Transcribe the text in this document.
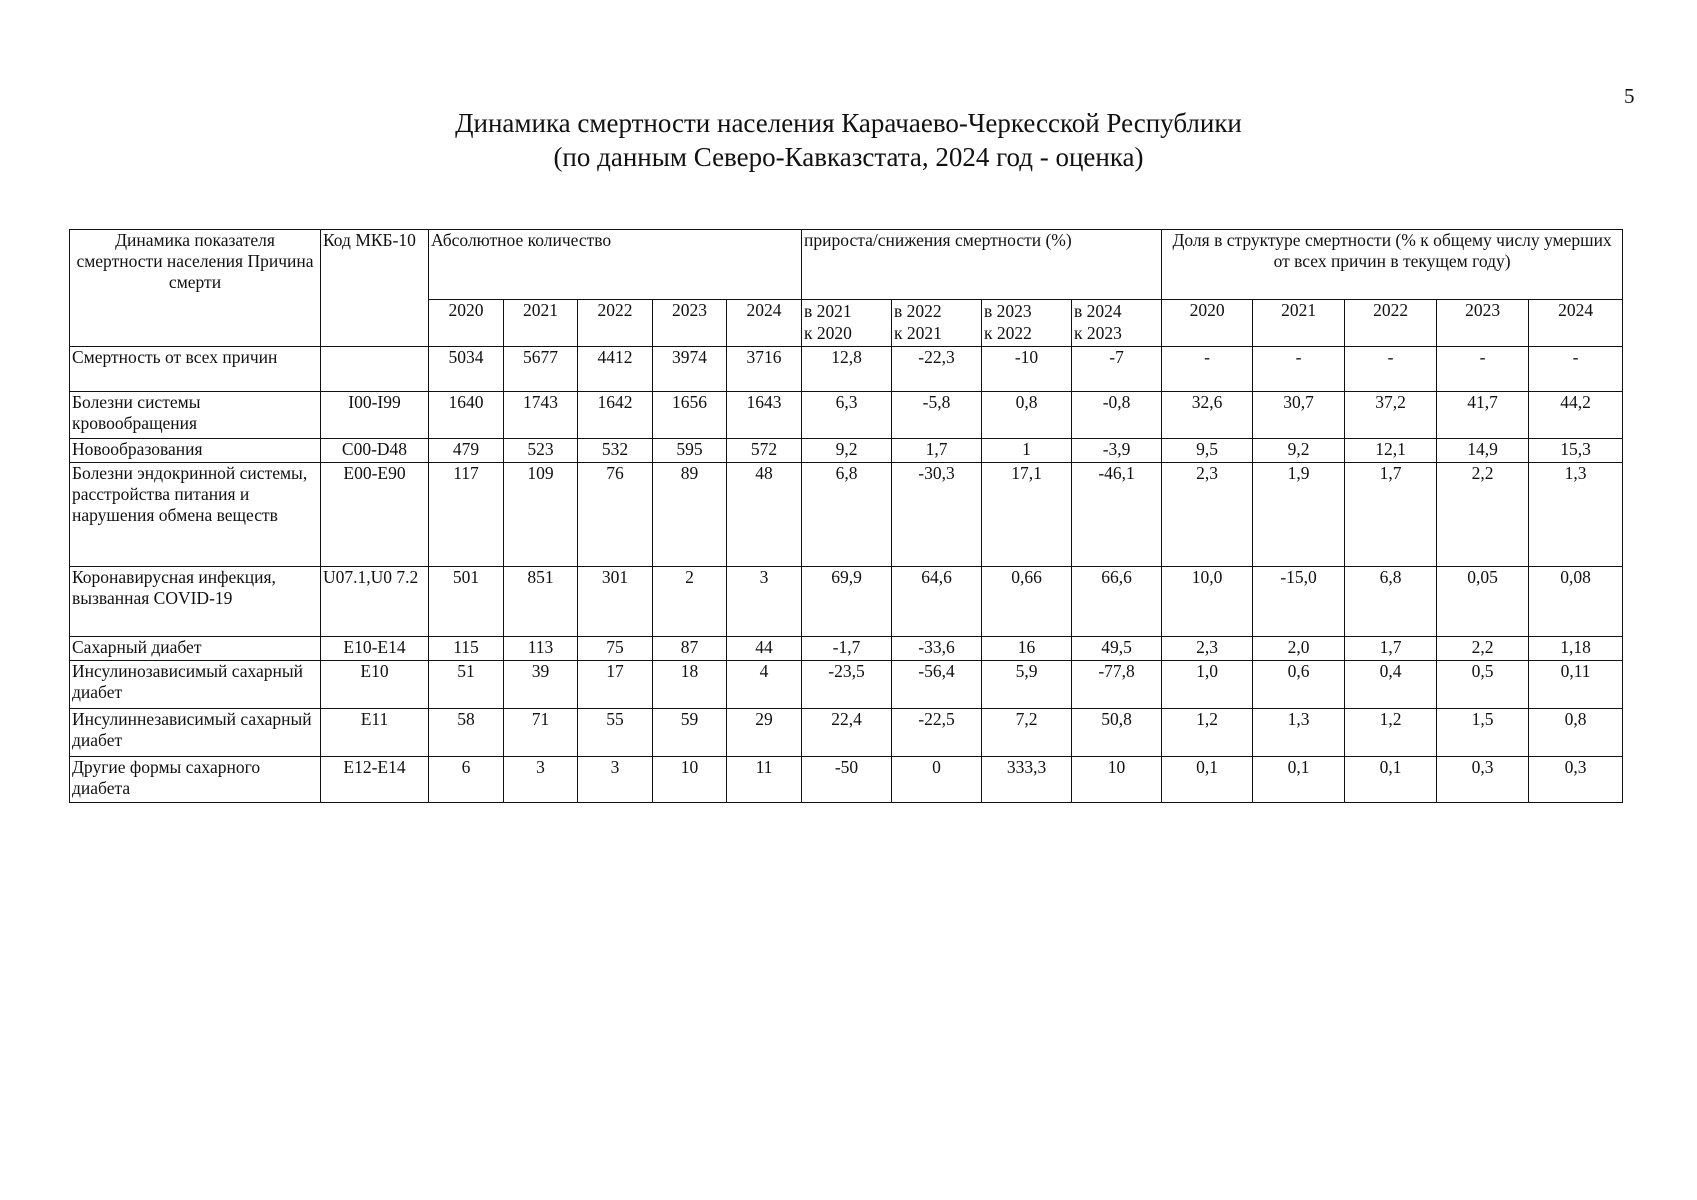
5
Динамика смертности населения Карачаево-Черкесской Республики
(по данным Северо-Кавказстата, 2024 год - оценка)
Динамика показателя смертности населения Причина смерти	Код МКБ-10	Абсолютное количество					прироста/снижения смертности (%)				Доля в структуре смертности (% к общему числу умерших от всех причин в текущем году)				
		2020	2021	2022	2023	2024	в 2021
к 2020	в 2022
к 2021	в 2023
к 2022	в 2024
к 2023	2020	2021	2022	2023	2024
Смертность от всех причин		5034	5677	4412	3974	3716	12,8	-22,3	-10	-7	-	-	-	-	-
Болезни системы кровообращения	I00-I99	1640	1743	1642	1656	1643	6,3	-5,8	0,8	-0,8	32,6	30,7	37,2	41,7	44,2
Новообразования	C00-D48	479	523	532	595	572	9,2	1,7	1	-3,9	9,5	9,2	12,1	14,9	15,3
Болезни эндокринной системы, расстройства питания и нарушения обмена веществ	E00-E90	117	109	76	89	48	6,8	-30,3	17,1	-46,1	2,3	1,9	1,7	2,2	1,3
Коронавирусная инфекция, вызванная COVID-19	U07.1,U0 7.2	501	851	301	2	3	69,9	64,6	0,66	66,6	10,0	-15,0	6,8	0,05	0,08
Сахарный диабет	E10-E14	115	113	75	87	44	-1,7	-33,6	16	49,5	2,3	2,0	1,7	2,2	1,18
Инсулинозависимый сахарный диабет	E10	51	39	17	18	4	-23,5	-56,4	5,9	-77,8	1,0	0,6	0,4	0,5	0,11
Инсулиннезависимый сахарный диабет	E11	58	71	55	59	29	22,4	-22,5	7,2	50,8	1,2	1,3	1,2	1,5	0,8
Другие формы сахарного диабета	E12-E14	6	3	3	10	11	-50	0	333,3	10	0,1	0,1	0,1	0,3	0,3
